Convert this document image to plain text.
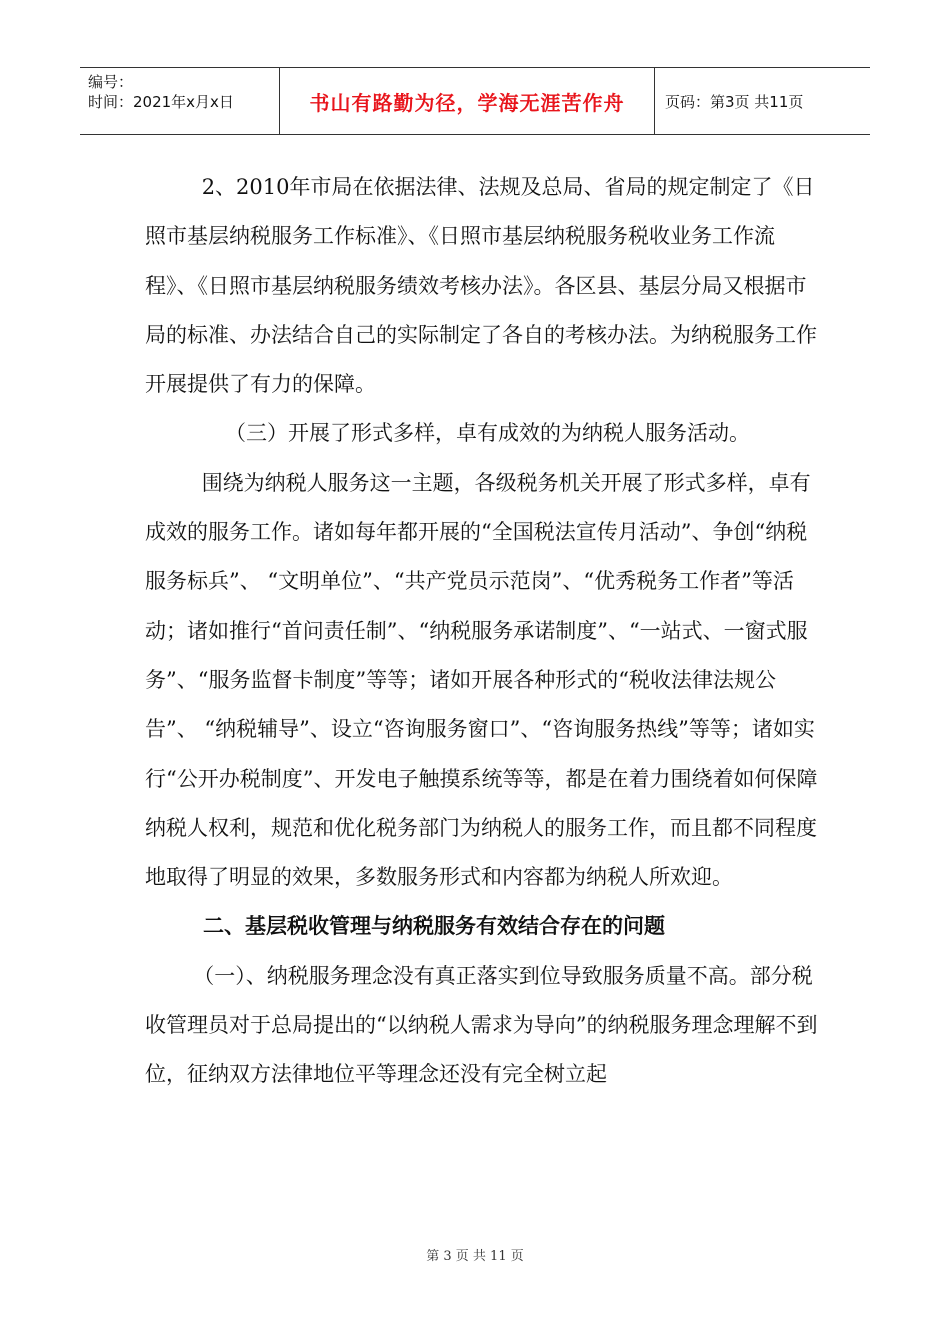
编号：
时间：2021年x月x日	书山有路勤为径，学海无涯苦作舟	页码：第3页 共11页

2、2010年市局在依据法律、法规及总局、省局的规定制定了《日照市基层纳税服务工作标准》、《日照市基层纳税服务税收业务工作流程》、《日照市基层纳税服务绩效考核办法》。各区县、基层分局又根据市局的标准、办法结合自己的实际制定了各自的考核办法。为纳税服务工作开展提供了有力的保障。

（三）开展了形式多样，卓有成效的为纳税人服务活动。

围绕为纳税人服务这一主题，各级税务机关开展了形式多样，卓有成效的服务工作。诸如每年都开展的“全国税法宣传月活动”、争创“纳税服务标兵”、 “文明单位”、“共产党员示范岗”、“优秀税务工作者”等活动；诸如推行“首问责任制”、“纳税服务承诺制度”、“一站式、一窗式服务”、“服务监督卡制度”等等；诸如开展各种形式的“税收法律法规公告”、 “纳税辅导”、设立“咨询服务窗口”、“咨询服务热线”等等；诸如实行“公开办税制度”、开发电子触摸系统等等，都是在着力围绕着如何保障纳税人权利，规范和优化税务部门为纳税人的服务工作，而且都不同程度地取得了明显的效果，多数服务形式和内容都为纳税人所欢迎。

二、基层税收管理与纳税服务有效结合存在的问题

（一）、纳税服务理念没有真正落实到位导致服务质量不高。部分税收管理员对于总局提出的“以纳税人需求为导向”的纳税服务理念理解不到位，征纳双方法律地位平等理念还没有完全树立起

第 3 页 共 11 页
